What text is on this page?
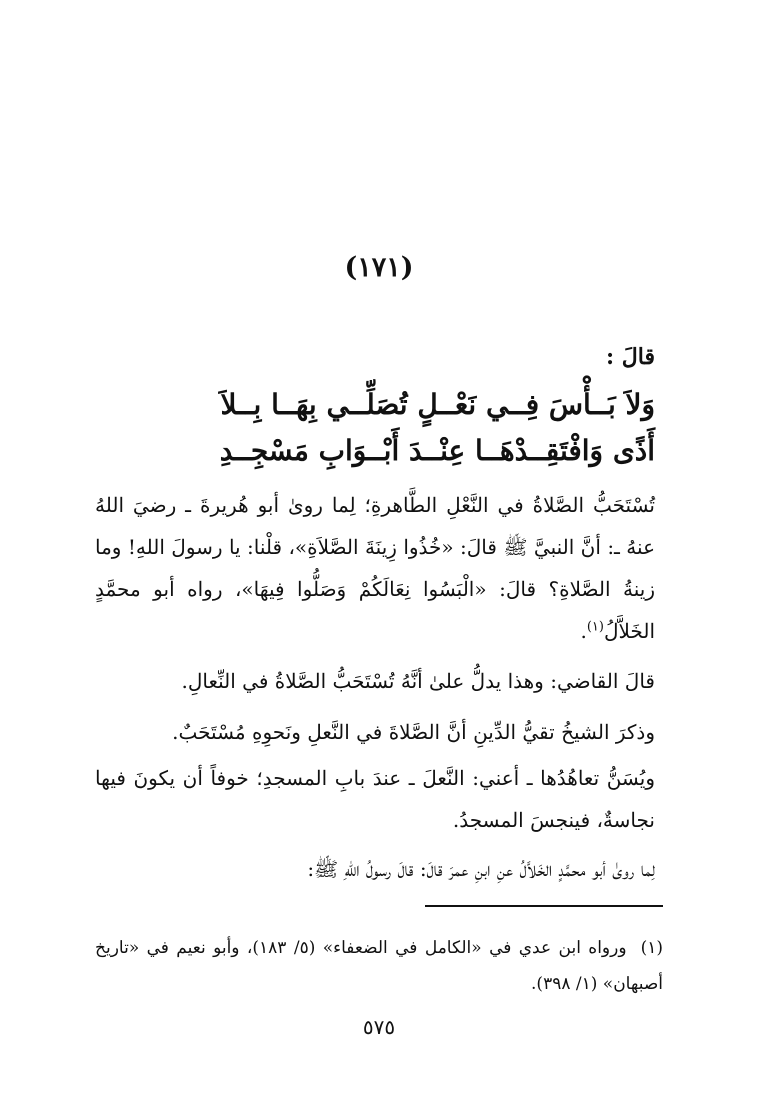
(١٧١)
قالَ :
وَلاَ بَــأْسَ فِــي نَعْــلٍ تُصَلِّــي بِهَــا بِــلاَ
أَذًى وَافْتَقِــدْهَــا عِنْــدَ أَبْــوَابِ مَسْجِــدِ
تُسْتَحَبُّ الصَّلاةُ في النَّعْلِ الطَّاهرةِ؛ لِما روىٰ أبو هُريرةَ ـ رضيَ اللهُ عنهُ ـ: أنَّ النبيَّ ﷺ قالَ: «خُذُوا زِينَةَ الصَّلاَةِ»، قلْنا: يا رسولَ اللهِ! وما زينةُ الصَّلاةِ؟ قالَ: «الْبَسُوا نِعَالَكُمْ وَصَلُّوا فِيهَا»، رواه أبو محمَّدٍ الخَلاَّلُ$^{(١)}$.
قالَ القاضي: وهذا يدلُّ علىٰ أنَّهُ تُسْتَحَبُّ الصَّلاةُ في النِّعالِ.
وذكرَ الشيخُ تقيُّ الدِّينِ أنَّ الصَّلاةَ في النَّعلِ ونَحوِهِ مُسْتَحَبٌ.
ويُسَنُّ تعاهُدُها ـ أعني: النَّعلَ ـ عندَ بابِ المسجدِ؛ خوفاً أن يكونَ فيها نجاسةٌ، فينجسَ المسجدُ.
لِما روىٰ أبو محمَّدٍ الخَلاَّلُ عنِ ابنِ عمرَ قالَ: قالَ رسولُ اللهِ ﷺ:
(١)ورواه ابن عدي في «الكامل في الضعفاء» (٥/ ١٨٣)، وأبو نعيم في «تاريخ أصبهان» (١/ ٣٩٨).
٥٧٥
